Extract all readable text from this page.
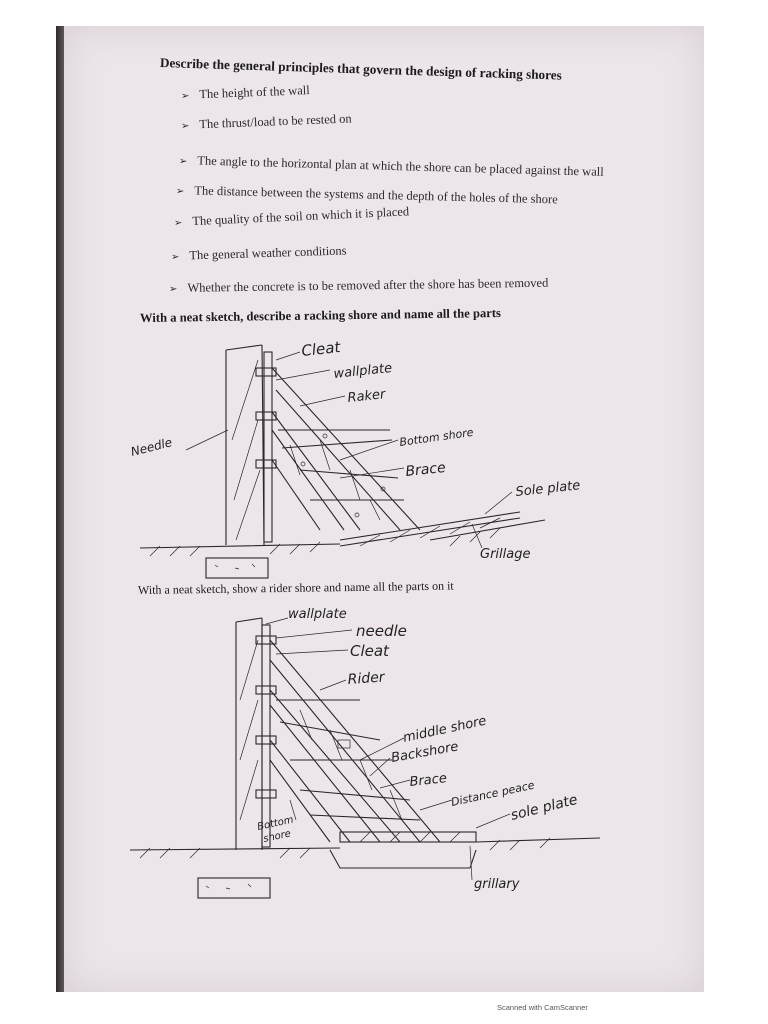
Describe the general principles that govern the design of racking shores
➢ The height of the wall
➢ The thrust/load to be rested on
➢ The angle to the horizontal plan at which the shore can be placed against the wall
➢ The distance between the systems and the depth of the holes of the shore
➢ The quality of the soil on which it is placed
➢ The general weather conditions
➢ Whether the concrete is to be removed after the shore has been removed
With a neat sketch, describe a racking shore and name all the parts
With a neat sketch, show a rider shore and name all the parts on it
Cleat
wallplate
Raker
Needle	Bottom shore
Brace
Sole plate
Grillage
wallplate
needle
Cleat
Rider
middle shore
Backshore
Brace Distance peace
sole plate
Bottom
shore
grillary
Scanned with CamScanner
